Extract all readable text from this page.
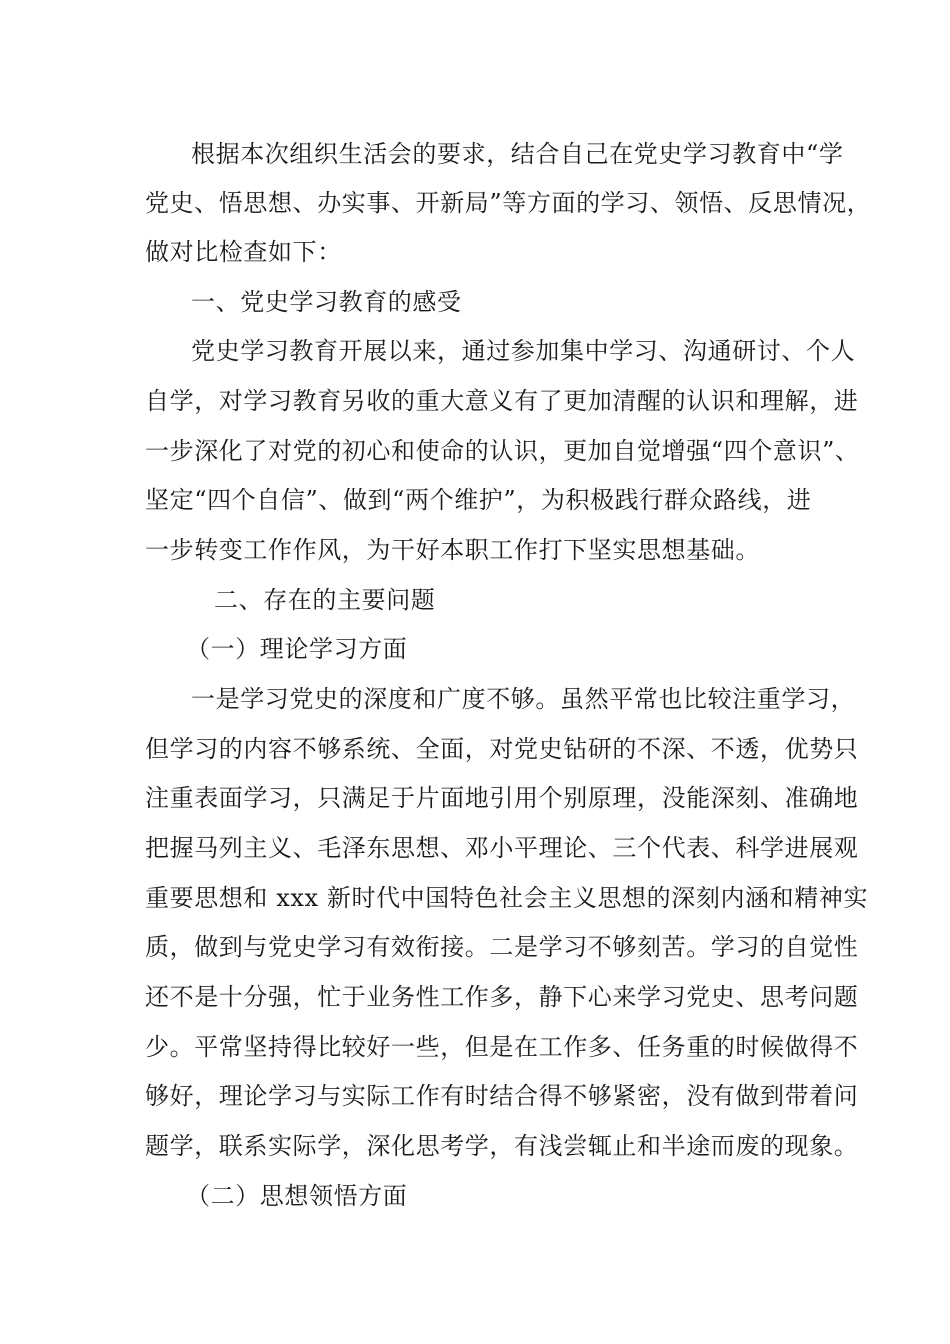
根据本次组织生活会的要求，结合自己在党史学习教育中“学
党史、悟思想、办实事、开新局”等方面的学习、领悟、反思情况，
做对比检查如下：
一、党史学习教育的感受
党史学习教育开展以来，通过参加集中学习、沟通研讨、个人
自学，对学习教育另收的重大意义有了更加清醒的认识和理解，进
一步深化了对党的初心和使命的认识，更加自觉增强“四个意识”、
坚定“四个自信”、做到“两个维护”，为积极践行群众路线，进
一步转变工作作风，为干好本职工作打下坚实思想基础。
二、存在的主要问题
（一）理论学习方面
一是学习党史的深度和广度不够。虽然平常也比较注重学习，
但学习的内容不够系统、全面，对党史钻研的不深、不透，优势只
注重表面学习，只满足于片面地引用个别原理，没能深刻、准确地
把握马列主义、毛泽东思想、邓小平理论、三个代表、科学进展观
重要思想和 xxx 新时代中国特色社会主义思想的深刻内涵和精神实
质，做到与党史学习有效衔接。二是学习不够刻苦。学习的自觉性
还不是十分强，忙于业务性工作多，静下心来学习党史、思考问题
少。平常坚持得比较好一些，但是在工作多、任务重的时候做得不
够好，理论学习与实际工作有时结合得不够紧密，没有做到带着问
题学，联系实际学，深化思考学，有浅尝辄止和半途而废的现象。
（二）思想领悟方面
